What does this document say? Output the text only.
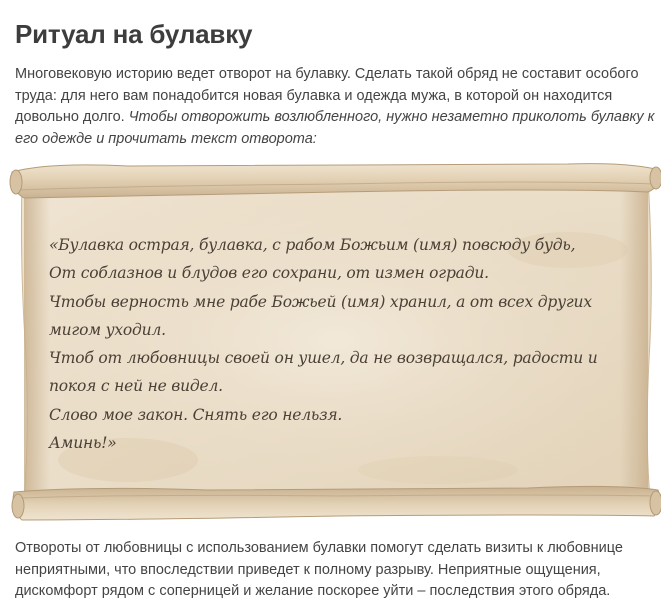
Ритуал на булавку

Многовековую историю ведет отворот на булавку. Сделать такой обряд не составит особого труда: для него вам понадобится новая булавка и одежда мужа, в которой он находится довольно долго. Чтобы отворожить возлюбленного, нужно незаметно приколоть булавку к его одежде и прочитать текст отворота:

«Булавка острая, булавка, с рабом Божьим (имя) повсюду будь,
От соблазнов и блудов его сохрани, от измен огради.
Чтобы верность мне рабе Божьей (имя) хранил, а от всех других
мигом уходил.
Чтоб от любовницы своей он ушел, да не возвращался, радости и
покоя с ней не видел.
Слово мое закон. Снять его нельзя.
Аминь!»

Отвороты от любовницы с использованием булавки помогут сделать визиты к любовнице неприятными, что впоследствии приведет к полному разрыву. Неприятные ощущения, дискомфорт рядом с соперницей и желание поскорее уйти – последствия этого обряда.
